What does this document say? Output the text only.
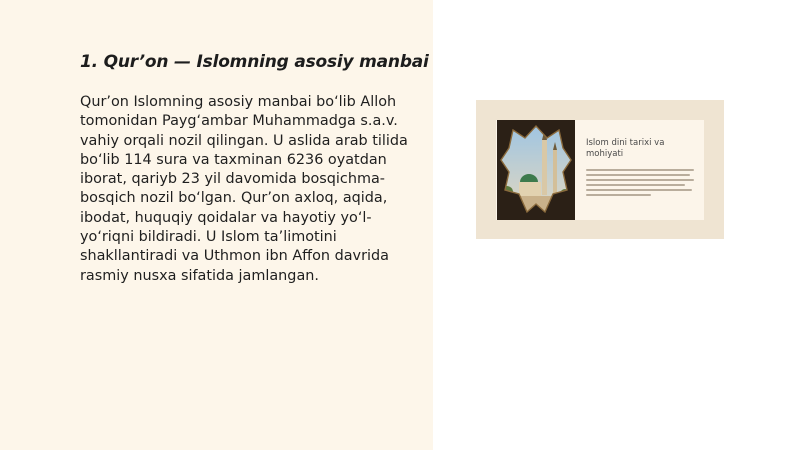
1. Qur’on — Islomning asosiy manbai

Qur’on Islomning asosiy manbai bo‘lib Alloh tomonidan Payg‘ambar Muhammadga s.a.v. vahiy orqali nozil qilingan. U aslida arab tilida bo‘lib 114 sura va taxminan 6236 oyatdan iborat, qariyb 23 yil davomida bosqichma-bosqich nozil bo‘lgan. Qur’on axloq, aqida, ibodat, huquqiy qoidalar va hayotiy yo‘l-yo‘riqni bildiradi. U Islom ta’limotini shakllantiradi va Uthmon ibn Affon davrida rasmiy nusxa sifatida jamlangan.

Islom dini tarixi va mohiyati
